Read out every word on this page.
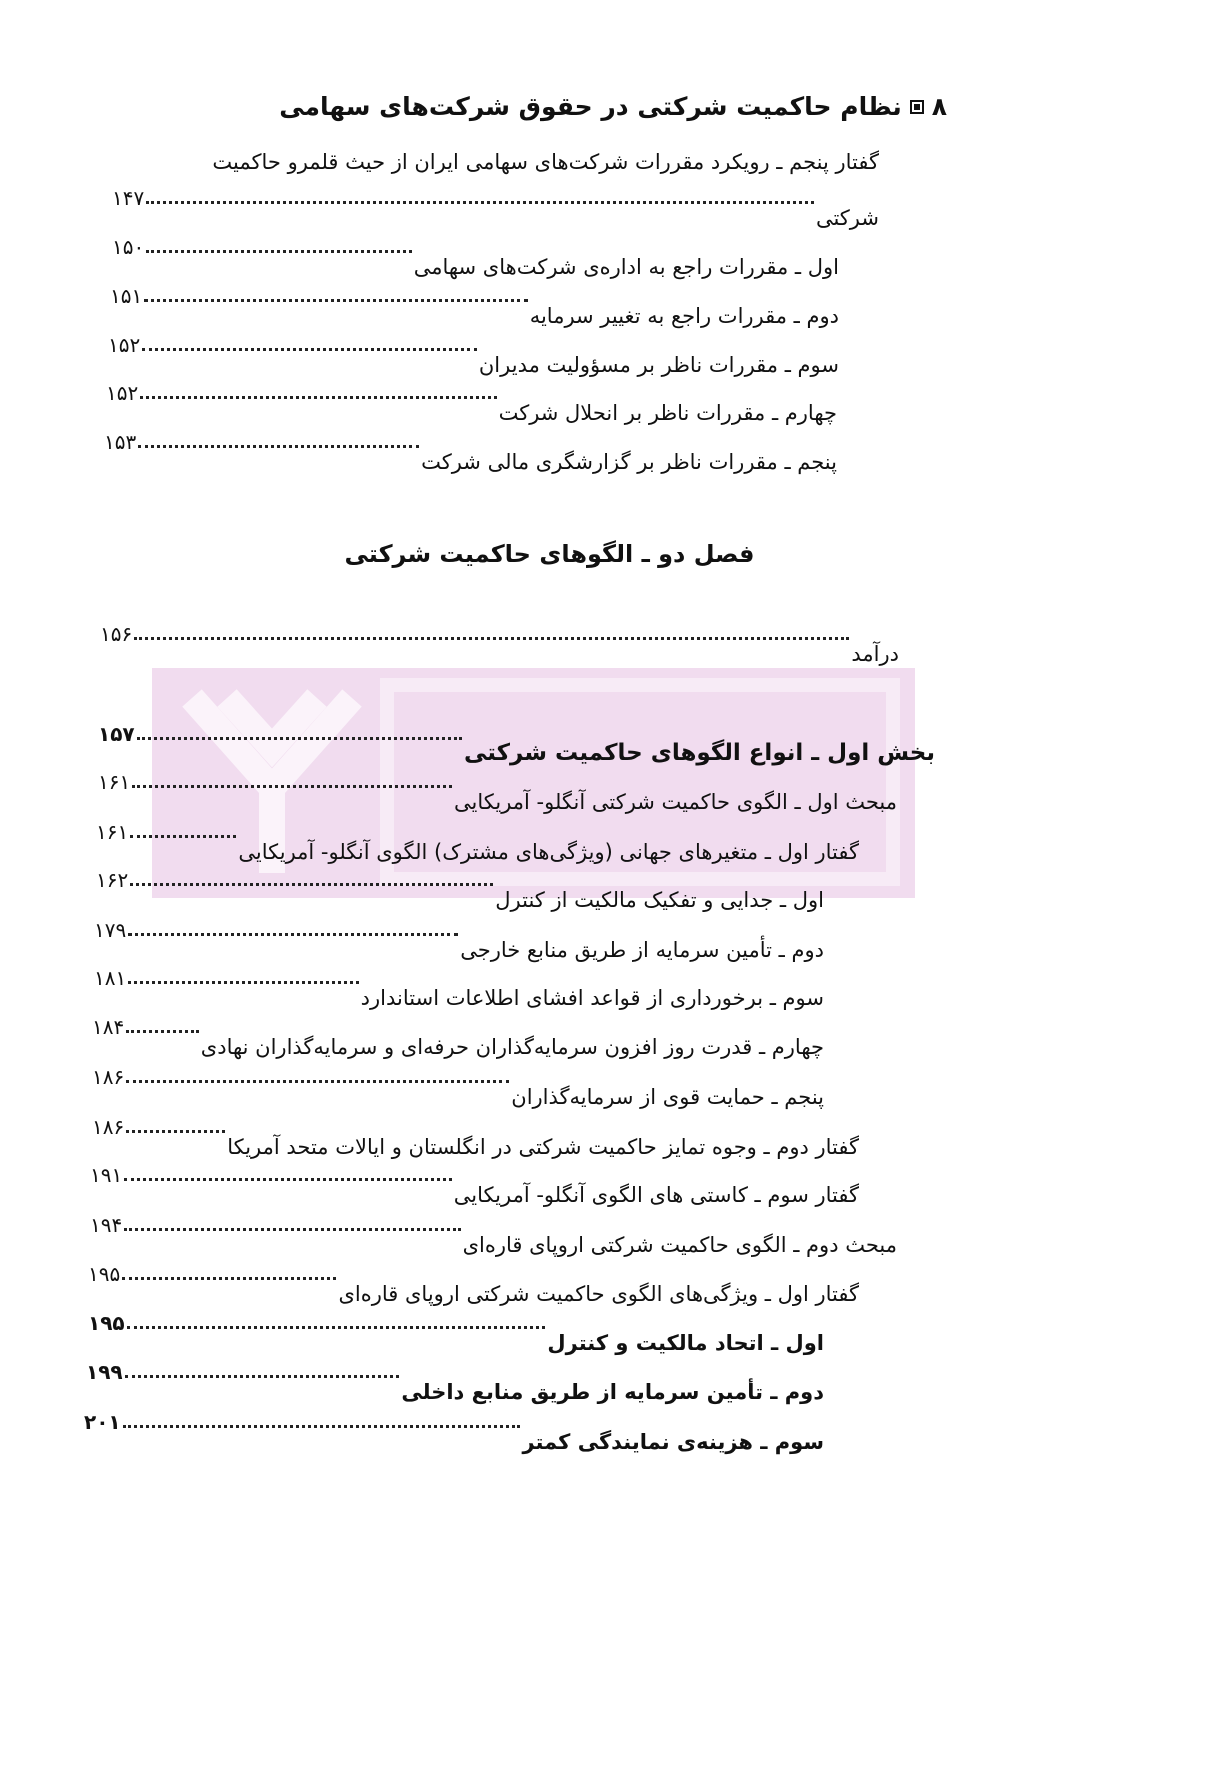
۸
نظام حاکمیت شرکتی در حقوق شرکت‌های سهامی
گفتار پنجم ـ رویکرد مقررات شرکت‌های سهامی ایران از حیث قلمرو حاکمیت
شرکتی
۱۴۷
اول ـ مقررات راجع به اداره‌ی شرکت‌های سهامی
۱۵۰
دوم ـ مقررات راجع به تغییر سرمایه
۱۵۱
سوم ـ مقررات ناظر بر مسؤولیت مدیران
۱۵۲
چهارم ـ مقررات ناظر بر انحلال شرکت
۱۵۲
پنجم ـ مقررات ناظر بر گزارشگری مالی شرکت
۱۵۳
فصل دو ـ الگوهای حاکمیت شرکتی
درآمد
۱۵۶
بخش اول ـ انواع الگوهای حاکمیت شرکتی
۱۵۷
مبحث اول ـ الگوی حاکمیت شرکتی آنگلو- آمریکایی
۱۶۱
گفتار اول ـ متغیرهای جهانی (ویژگی‌های مشترک) الگوی آنگلو- آمریکایی
۱۶۱
اول ـ جدایی و تفکیک مالکیت از کنترل
۱۶۲
دوم ـ تأمین سرمایه از طریق منابع خارجی
۱۷۹
سوم ـ برخورداری از قواعد افشای اطلاعات استاندارد
۱۸۱
چهارم ـ قدرت روز افزون سرمایه‌گذاران حرفه‌ای و سرمایه‌گذاران نهادی
۱۸۴
پنجم ـ حمایت قوی از سرمایه‌گذاران
۱۸۶
گفتار دوم ـ وجوه تمایز حاکمیت شرکتی در انگلستان و ایالات متحد آمریکا
۱۸۶
گفتار سوم ـ کاستی های الگوی آنگلو- آمریکایی
۱۹۱
مبحث دوم ـ الگوی حاکمیت شرکتی اروپای قاره‌ای
۱۹۴
گفتار اول ـ ویژگی‌های الگوی حاکمیت شرکتی اروپای قاره‌ای
۱۹۵
اول ـ اتحاد مالکیت و کنترل
۱۹۵
دوم ـ تأمین سرمایه از طریق منابع داخلی
۱۹۹
سوم ـ هزینه‌ی نمایندگی کمتر
۲۰۱
